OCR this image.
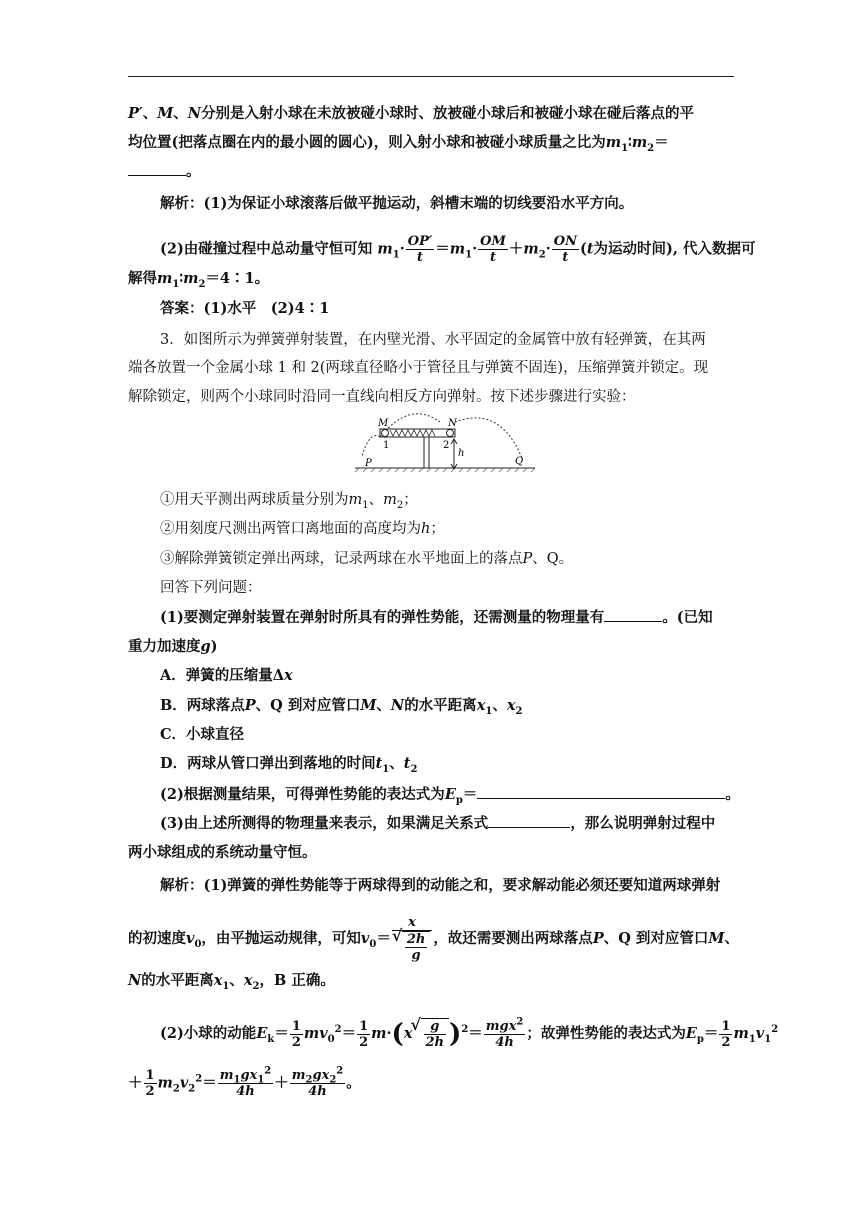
P′、M、N分别是入射小球在未放被碰小球时、放被碰小球后和被碰小球在碰后落点的平
均位置(把落点圈在内的最小圆的圆心)，则入射小球和被碰小球质量之比为$m_1∶m_2=$
。
解析：(1)为保证小球滚落后做平抛运动，斜槽末端的切线要沿水平方向。
(2)由碰撞过程中总动量守恒可知 $m_1\cdot \frac{OP'}{t} =m_1\cdot \frac{OM}{t} +m_2\cdot \frac{ON}{t} (t$为运动时间), 代入数据可
解得$m_1∶m_2=4∶1$。
答案：(1)水平　(2)4∶1
3．如图所示为弹簧弹射装置，在内壁光滑、水平固定的金属管中放有轻弹簧，在其两
端各放置一个金属小球 1 和 2(两球直径略小于管径且与弹簧不固连)，压缩弹簧并锁定。现
解除锁定，则两个小球同时沿同一直线向相反方向弹射。按下述步骤进行实验：
M	N
1	2
h
P	Q
①用天平测出两球质量分别为$m_1$、$m_2$；
②用刻度尺测出两管口离地面的高度均为h；
③解除弹簧锁定弹出两球，记录两球在水平地面上的落点P、Q。
回答下列问题：
(1)要测定弹射装置在弹射时所具有的弹性势能，还需测量的物理量有	。(已知
重力加速度g)
A．弹簧的压缩量Δx
B．两球落点P、Q 到对应管口M、N的水平距离$x_1$、$x_2$
C．小球直径
D．两球从管口弹出到落地的时间$t_1$、$t_2$
(2)根据测量结果，可得弹性势能的表达式为$E_p=$	。
(3)由上述所测得的物理量来表示，如果满足关系式	，那么说明弹射过程中
两小球组成的系统动量守恒。
解析：(1)弹簧的弹性势能等于两球得到的动能之和，要求解动能必须还要知道两球弹射
的初速度$v_0$，由平抛运动规律，可知$v_0= x$
√ $\frac{2h}{g}$ ，故还需要测出两球落点P、Q 到对应管口M、
N的水平距离$x_1$、$x_2$，B 正确。
(2)小球的动能$E_k= \frac{1}{2} mv_0^2= \frac{1}{2} m\cdot(x$
√ $\frac{g}{2h} )^2= \frac{mgx^2}{4h}$ ；故弹性势能的表达式为$E_p= \frac{1}{2} m_1v_1^2$
＋ $\frac{1}{2} m_2v_2^2= \frac{m_1gx_1^2}{4h} + \frac{m_2gx_2^2}{4h}$ 。
